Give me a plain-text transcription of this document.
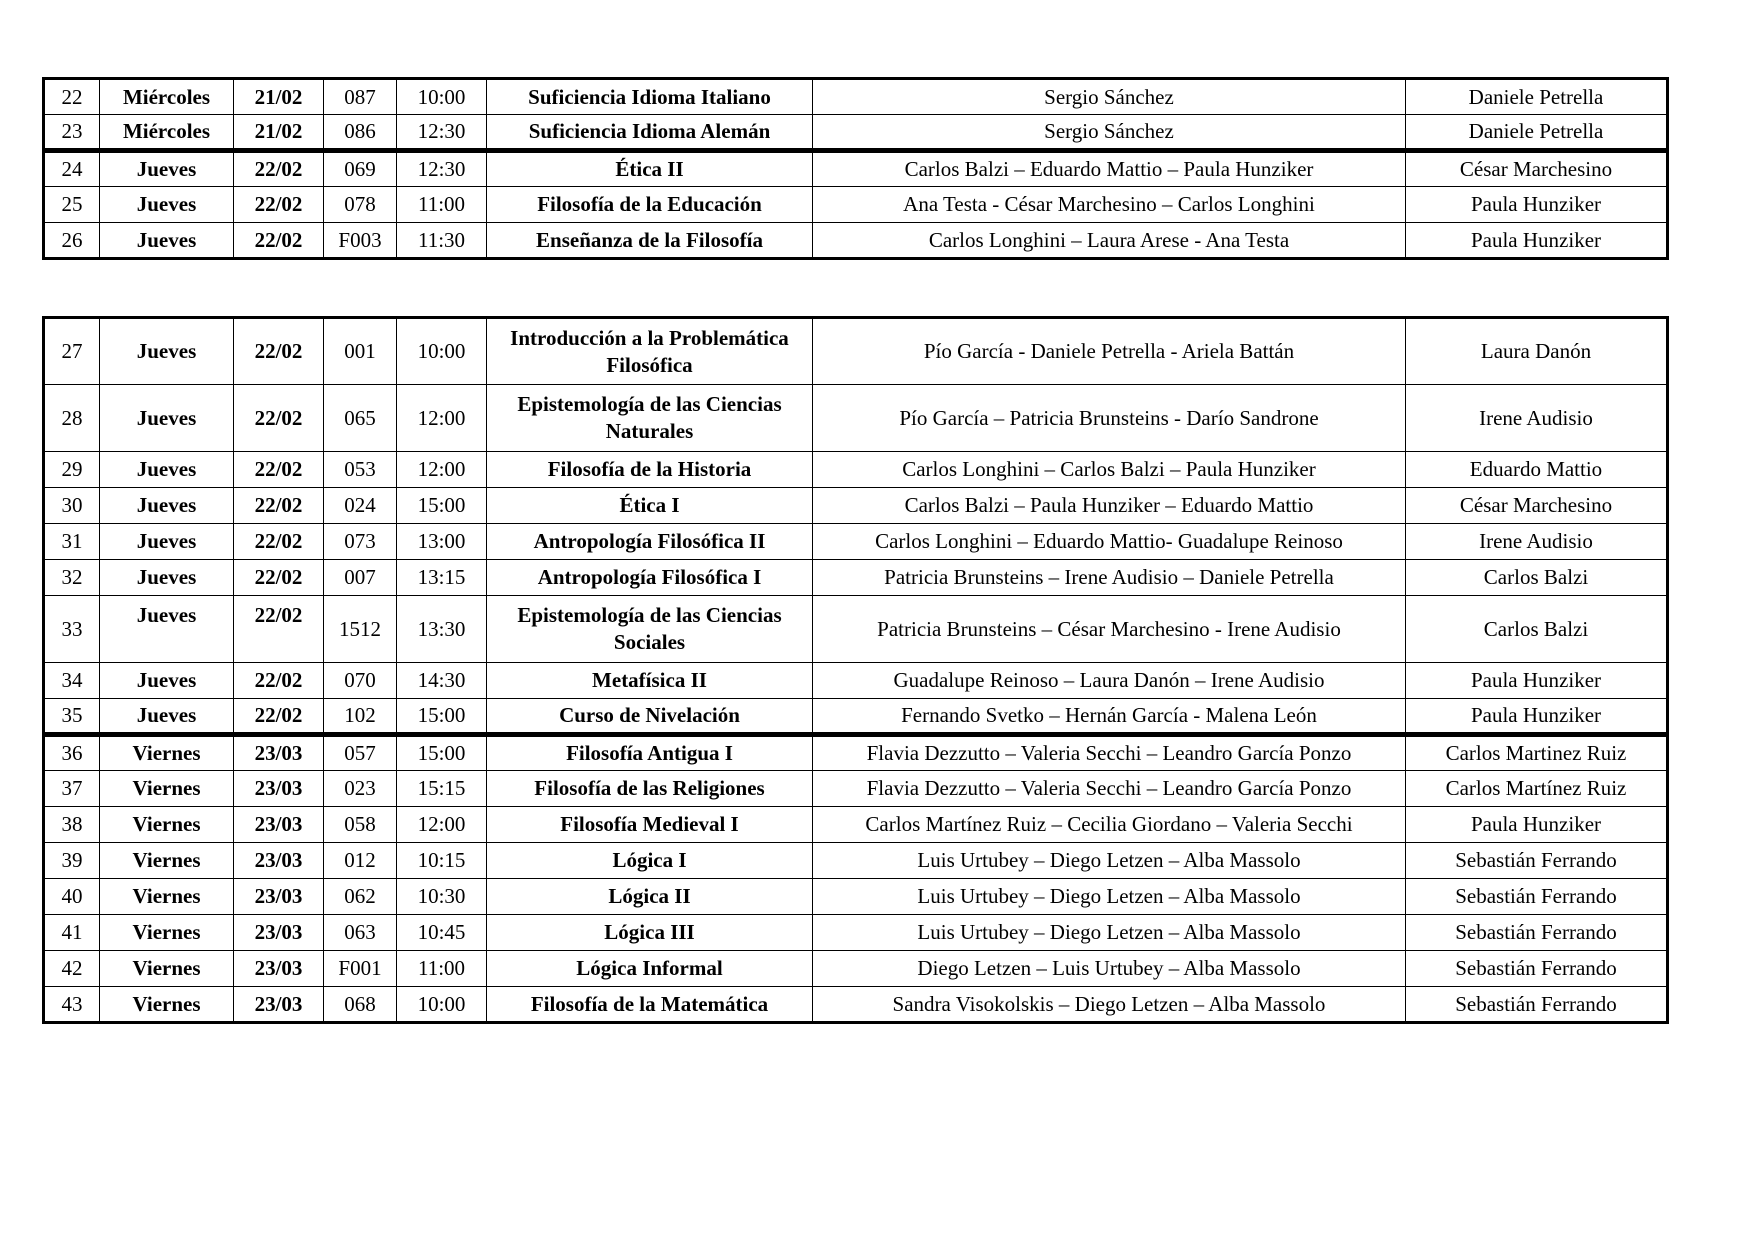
22	Miércoles	21/02	087	10:00	Suficiencia Idioma Italiano	Sergio Sánchez	Daniele Petrella
23	Miércoles	21/02	086	12:30	Suficiencia Idioma Alemán	Sergio Sánchez	Daniele Petrella
24	Jueves	22/02	069	12:30	Ética II	Carlos Balzi – Eduardo Mattio – Paula Hunziker	César Marchesino
25	Jueves	22/02	078	11:00	Filosofía de la Educación	Ana Testa - César Marchesino – Carlos Longhini	Paula Hunziker
26	Jueves	22/02	F003	11:30	Enseñanza de la Filosofía	Carlos Longhini – Laura Arese - Ana Testa	Paula Hunziker
27	Jueves	22/02	001	10:00	Introducción a la Problemática Filosófica	Pío García - Daniele Petrella - Ariela Battán	Laura Danón
28	Jueves	22/02	065	12:00	Epistemología de las Ciencias Naturales	Pío García – Patricia Brunsteins - Darío Sandrone	Irene Audisio
29	Jueves	22/02	053	12:00	Filosofía de la Historia	Carlos Longhini – Carlos Balzi – Paula Hunziker	Eduardo Mattio
30	Jueves	22/02	024	15:00	Ética I	Carlos Balzi – Paula Hunziker – Eduardo Mattio	César Marchesino
31	Jueves	22/02	073	13:00	Antropología Filosófica II	Carlos Longhini – Eduardo Mattio- Guadalupe Reinoso	Irene Audisio
32	Jueves	22/02	007	13:15	Antropología Filosófica I	Patricia Brunsteins – Irene Audisio – Daniele Petrella	Carlos Balzi
33	Jueves	22/02	1512	13:30	Epistemología de las Ciencias Sociales	Patricia Brunsteins – César Marchesino - Irene Audisio	Carlos Balzi
34	Jueves	22/02	070	14:30	Metafísica II	Guadalupe Reinoso – Laura Danón – Irene Audisio	Paula Hunziker
35	Jueves	22/02	102	15:00	Curso de Nivelación	Fernando Svetko – Hernán García - Malena León	Paula Hunziker
36	Viernes	23/03	057	15:00	Filosofía Antigua I	Flavia Dezzutto – Valeria Secchi – Leandro García Ponzo	Carlos Martinez Ruiz
37	Viernes	23/03	023	15:15	Filosofía de las Religiones	Flavia Dezzutto – Valeria Secchi – Leandro García Ponzo	Carlos Martínez Ruiz
38	Viernes	23/03	058	12:00	Filosofía Medieval I	Carlos Martínez Ruiz – Cecilia Giordano – Valeria Secchi	Paula Hunziker
39	Viernes	23/03	012	10:15	Lógica I	Luis Urtubey – Diego Letzen – Alba Massolo	Sebastián Ferrando
40	Viernes	23/03	062	10:30	Lógica II	Luis Urtubey – Diego Letzen – Alba Massolo	Sebastián Ferrando
41	Viernes	23/03	063	10:45	Lógica III	Luis Urtubey – Diego Letzen – Alba Massolo	Sebastián Ferrando
42	Viernes	23/03	F001	11:00	Lógica Informal	Diego Letzen – Luis Urtubey – Alba Massolo	Sebastián Ferrando
43	Viernes	23/03	068	10:00	Filosofía de la Matemática	Sandra Visokolskis – Diego Letzen – Alba Massolo	Sebastián Ferrando
